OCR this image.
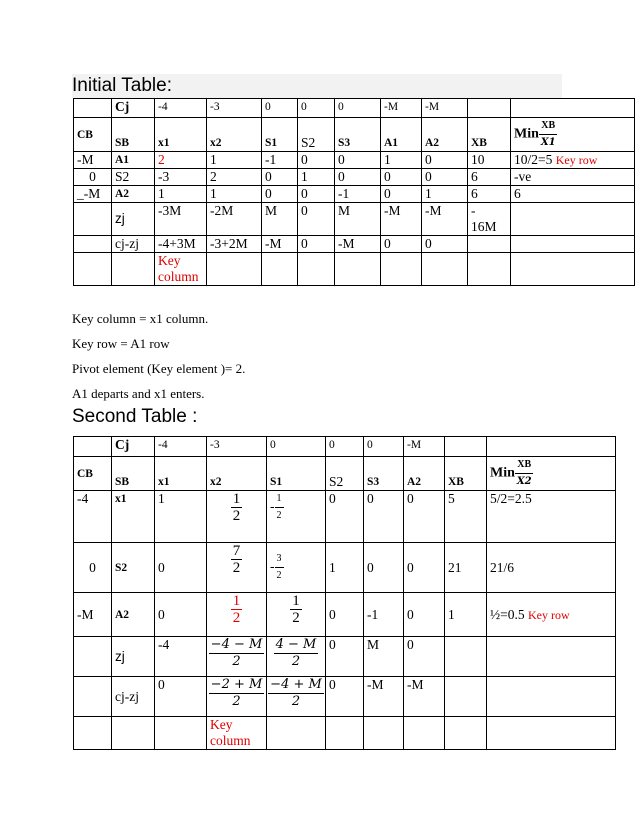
Initial Table:
	Cj	-4	-3	0	0	0	-M	-M		
CB	SB	x1	x2	S1	S2	S3	A1	A2	XB	Min $\frac{XB}{X1}$

-M	A1	2	1	-1	0	0	1	0	10	10/2=5 Key row
0	S2	-3	2	0	1	0	0	0	6	-ve
_-M	A2	1	1	0	0	-1	0	1	6	6
	zj	-3M	-2M	M	0	M	-M	-M	-
16M	

	cj-zj	-4+3M	-3+2M	-M	0	-M	0	0		

		Key
column								

Key column = x1 column.
Key row = A1 row
Pivot element (Key element )= 2.
A1 departs and x1 enters.
Second Table :
	Cj	-4	-3	0	0	0	-M		
CB	SB	x1	x2	S1	S2	S3	A2	XB	Min $\frac{XB}{X2}$

-4	x1	1	$\frac{1}{2}$	- $\frac{1}{2}$	0	0	0	5	5/2=2.5
0	S2	0	$\frac{7}{2}$	- $\frac{3}{2}$	1	0	0	21	21/6
-M	A2	0	$\frac{1}{2}$	$\frac{1}{2}$	0	-1	0	1	½=0.5 Key row
	zj	-4	$\frac{-4 - M}{2}$	$\frac{4 - M}{2}$	0	M	0		
	cj-zj	0	$\frac{-2 + M}{2}$	$\frac{-4 + M}{2}$	0	-M	-M		

			Key
column						
